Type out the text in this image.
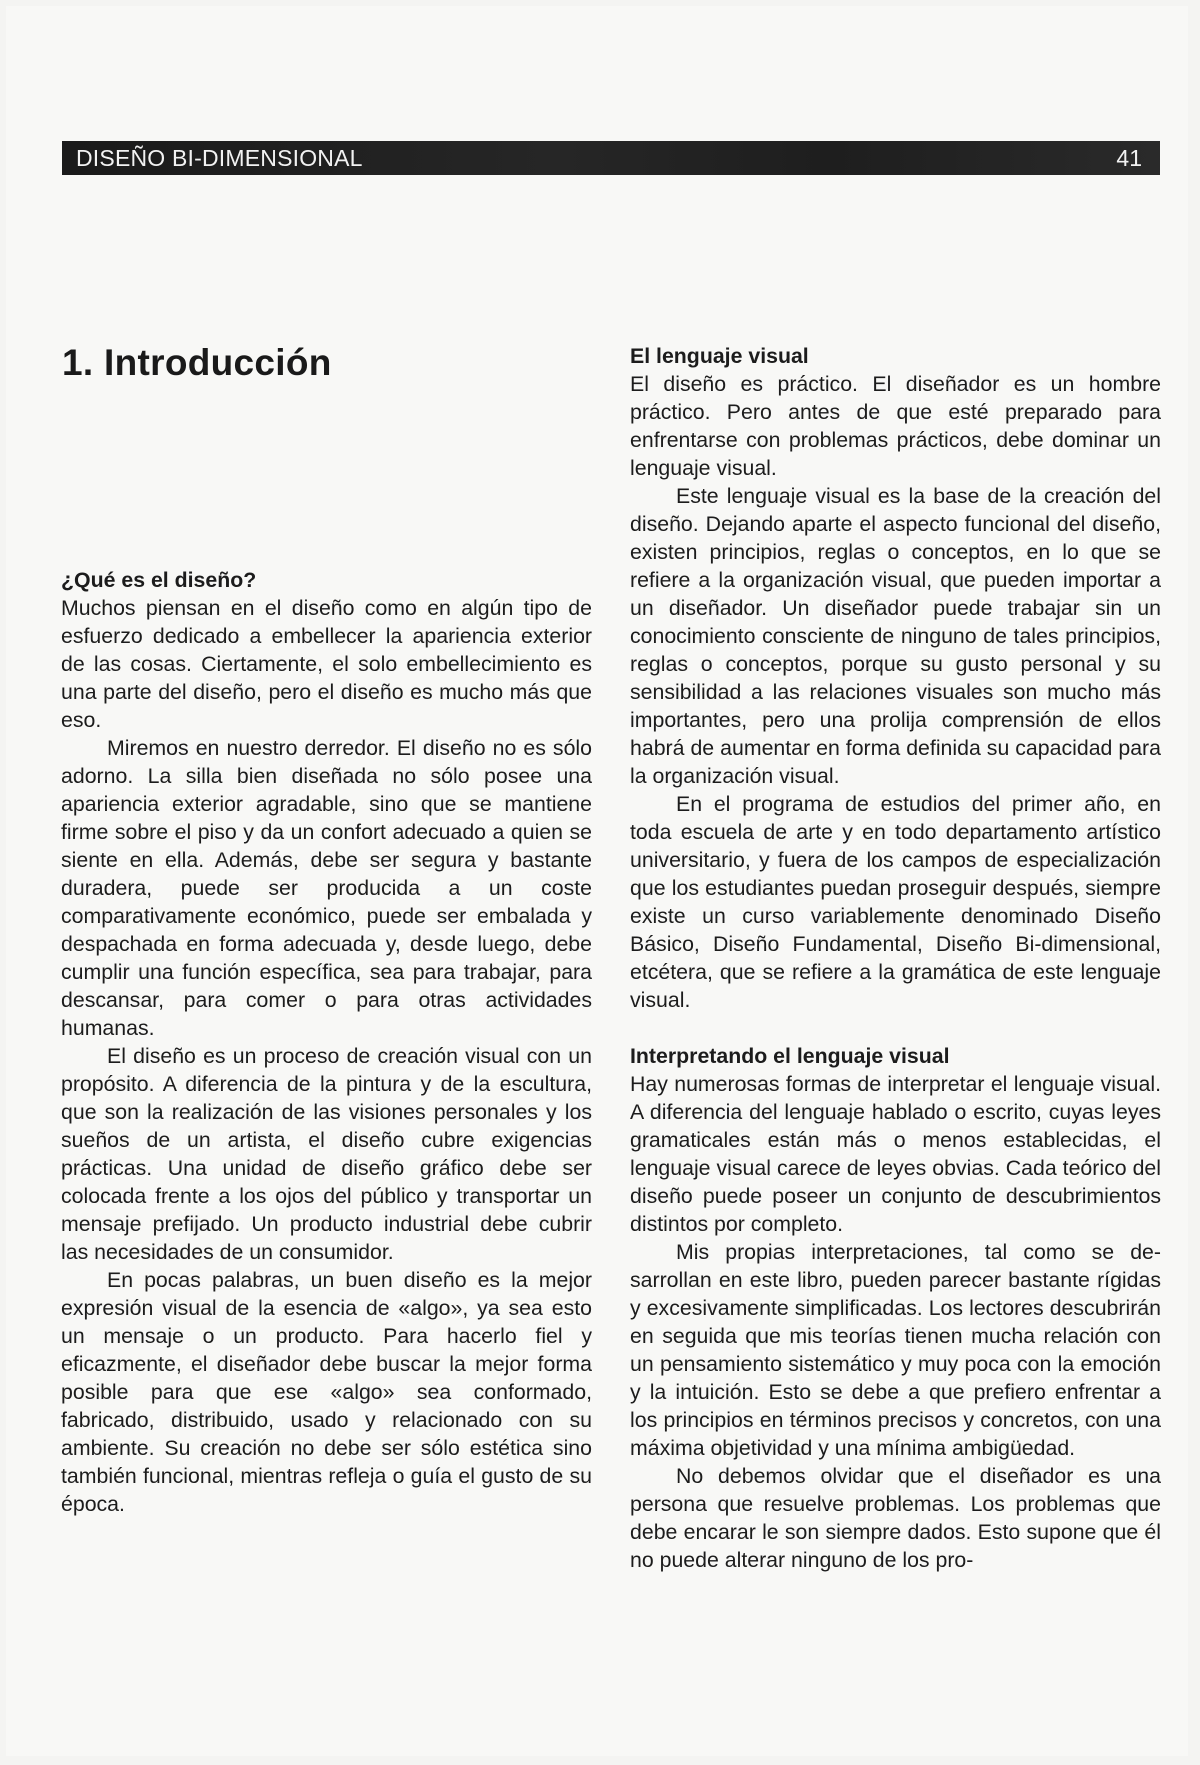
DISEÑO BI-DIMENSIONAL	41
1. Introducción

¿Qué es el diseño?

Muchos piensan en el diseño como en algún tipo de esfuerzo dedicado a embellecer la apariencia exterior de las cosas. Ciertamente, el solo embellecimiento es una parte del diseño, pero el diseño es mucho más que eso.

Miremos en nuestro derredor. El diseño no es sólo adorno. La silla bien diseñada no sólo posee una apariencia exterior agradable, sino que se mantiene firme sobre el piso y da un confort adecuado a quien se siente en ella. Además, debe ser segura y bastante duradera, puede ser producida a un coste comparativamente económico, puede ser embalada y despachada en forma adecuada y, desde luego, debe cumplir una función específica, sea para trabajar, para descansar, para comer o para otras actividades humanas.

El diseño es un proceso de creación visual con un propósito. A diferencia de la pintura y de la escultura, que son la realización de las visiones personales y los sueños de un artista, el diseño cubre exigencias prácticas. Una unidad de diseño gráfico debe ser colocada frente a los ojos del público y transportar un mensaje prefijado. Un producto industrial debe cubrir las necesidades de un consumidor.

En pocas palabras, un buen diseño es la mejor expresión visual de la esencia de «algo», ya sea esto un mensaje o un producto. Para hacerlo fiel y eficazmente, el diseñador debe buscar la mejor forma posible para que ese «algo» sea conformado, fabricado, distribuido, usado y relacionado con su ambiente. Su creación no debe ser sólo estética sino también funcional, mientras refleja o guía el gusto de su época.

El lenguaje visual

El diseño es práctico. El diseñador es un hombre práctico. Pero antes de que esté preparado para enfrentarse con problemas prácticos, debe dominar un lenguaje visual.

Este lenguaje visual es la base de la creación del diseño. Dejando aparte el aspecto funcional del diseño, existen principios, reglas o conceptos, en lo que se refiere a la organización visual, que pueden importar a un diseñador. Un diseñador puede trabajar sin un conocimiento consciente de ninguno de tales principios, reglas o conceptos, porque su gusto personal y su sensibilidad a las relaciones visuales son mucho más importantes, pero una prolija comprensión de ellos habrá de aumentar en forma definida su capacidad para la organización visual.

En el programa de estudios del primer año, en toda escuela de arte y en todo departamento artístico universitario, y fuera de los campos de especialización que los estudiantes puedan proseguir después, siempre existe un curso variablemente denominado Diseño Básico, Diseño Fundamental, Diseño Bi-dimensional, etcétera, que se refiere a la gramática de este lenguaje visual.

Interpretando el lenguaje visual

Hay numerosas formas de interpretar el lenguaje visual. A diferencia del lenguaje hablado o escrito, cuyas leyes gramaticales están más o menos establecidas, el lenguaje visual carece de leyes obvias. Cada teórico del diseño puede poseer un conjunto de descubrimientos distintos por completo.

Mis propias interpretaciones, tal como se desarrollan en este libro, pueden parecer bastante rígidas y excesivamente simplificadas. Los lectores descubrirán en seguida que mis teorías tienen mucha relación con un pensamiento sistemático y muy poca con la emoción y la intuición. Esto se debe a que prefiero enfrentar a los principios en términos precisos y concretos, con una máxima objetividad y una mínima ambigüedad.

No debemos olvidar que el diseñador es una persona que resuelve problemas. Los problemas que debe encarar le son siempre dados. Esto supone que él no puede alterar ninguno de los pro-
